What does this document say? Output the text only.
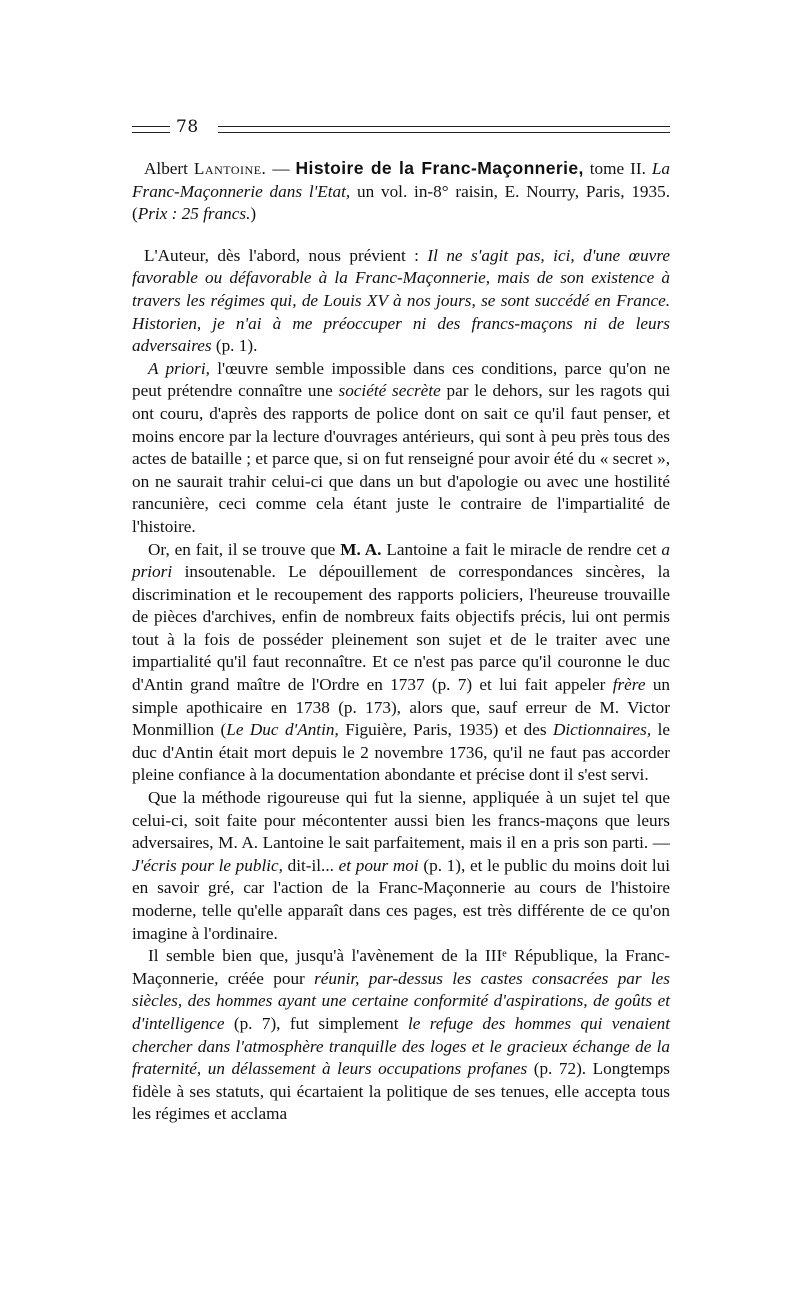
78

Albert Lantoine. — Histoire de la Franc-Maçonnerie, tome II. La Franc-Maçonnerie dans l'Etat, un vol. in-8° raisin, E. Nourry, Paris, 1935. (Prix : 25 francs.)

L'Auteur, dès l'abord, nous prévient : Il ne s'agit pas, ici, d'une œuvre favorable ou défavorable à la Franc-Maçonnerie, mais de son existence à travers les régimes qui, de Louis XV à nos jours, se sont succédé en France. Historien, je n'ai à me préoccuper ni des francs-maçons ni de leurs adversaires (p. 1).

A priori, l'œuvre semble impossible dans ces conditions, parce qu'on ne peut prétendre connaître une société secrète par le dehors, sur les ragots qui ont couru, d'après des rapports de police dont on sait ce qu'il faut penser, et moins encore par la lecture d'ouvrages antérieurs, qui sont à peu près tous des actes de bataille ; et parce que, si on fut renseigné pour avoir été du « secret », on ne saurait trahir celui-ci que dans un but d'apologie ou avec une hostilité rancunière, ceci comme cela étant juste le contraire de l'impartialité de l'histoire.

Or, en fait, il se trouve que M. A. Lantoine a fait le miracle de rendre cet a priori insoutenable. Le dépouillement de correspondances sincères, la discrimination et le recoupement des rapports policiers, l'heureuse trouvaille de pièces d'archives, enfin de nombreux faits objectifs précis, lui ont permis tout à la fois de posséder pleinement son sujet et de le traiter avec une impartialité qu'il faut reconnaître. Et ce n'est pas parce qu'il couronne le duc d'Antin grand maître de l'Ordre en 1737 (p. 7) et lui fait appeler frère un simple apothicaire en 1738 (p. 173), alors que, sauf erreur de M. Victor Monmillion (Le Duc d'Antin, Figuière, Paris, 1935) et des Dictionnaires, le duc d'Antin était mort depuis le 2 novembre 1736, qu'il ne faut pas accorder pleine confiance à la documentation abondante et précise dont il s'est servi.

Que la méthode rigoureuse qui fut la sienne, appliquée à un sujet tel que celui-ci, soit faite pour mécontenter aussi bien les francs-maçons que leurs adversaires, M. A. Lantoine le sait parfaitement, mais il en a pris son parti. — J'écris pour le public, dit-il... et pour moi (p. 1), et le public du moins doit lui en savoir gré, car l'action de la Franc-Maçonnerie au cours de l'histoire moderne, telle qu'elle apparaît dans ces pages, est très différente de ce qu'on imagine à l'ordinaire.

Il semble bien que, jusqu'à l'avènement de la IIIᵉ République, la Franc-Maçonnerie, créée pour réunir, par-dessus les castes consacrées par les siècles, des hommes ayant une certaine conformité d'aspirations, de goûts et d'intelligence (p. 7), fut simplement le refuge des hommes qui venaient chercher dans l'atmosphère tranquille des loges et le gracieux échange de la fraternité, un délassement à leurs occupations profanes (p. 72). Longtemps fidèle à ses statuts, qui écartaient la politique de ses tenues, elle accepta tous les régimes et acclama
